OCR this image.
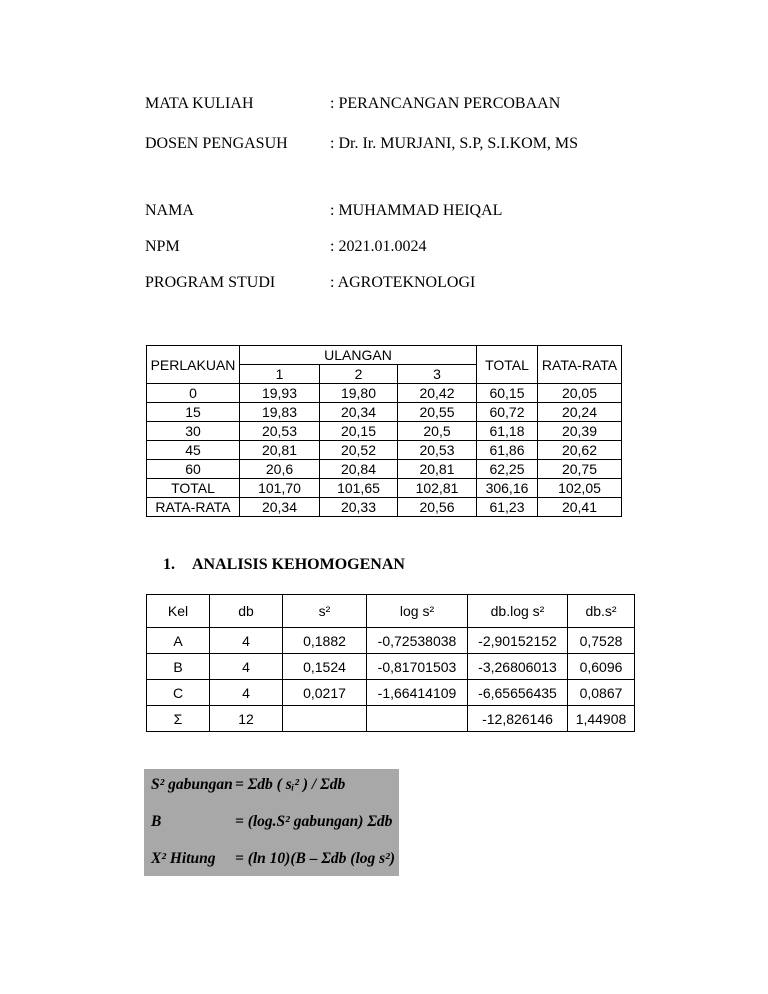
MATA KULIAH	: PERANCANGAN PERCOBAAN
DOSEN PENGASUH	: Dr. Ir. MURJANI, S.P, S.I.KOM, MS
NAMA	: MUHAMMAD HEIQAL
NPM	: 2021.01.0024
PROGRAM STUDI	: AGROTEKNOLOGI
PERLAKUAN	ULANGAN			TOTAL	RATA-RATA
	1	2	3		
0	19,93	19,80	20,42	60,15	20,05
15	19,83	20,34	20,55	60,72	20,24
30	20,53	20,15	20,5	61,18	20,39
45	20,81	20,52	20,53	61,86	20,62
60	20,6	20,84	20,81	62,25	20,75
TOTAL	101,70	101,65	102,81	306,16	102,05
RATA-RATA	20,34	20,33	20,56	61,23	20,41
1.	ANALISIS KEHOMOGENAN
Kel	db	s²	log s²	db.log s²	db.s²
A	4	0,1882	-0,72538038	-2,90152152	0,7528
B	4	0,1524	-0,81701503	-3,26806013	0,6096
C	4	0,0217	-1,66414109	-6,65656435	0,0867
Σ	12			-12,826146	1,44908
S² gabungan = Σdb ( sᵢ² ) / Σdb
B	= (log.S² gabungan) Σdb
X² Hitung	= (ln 10)(B – Σdb (log s²)
